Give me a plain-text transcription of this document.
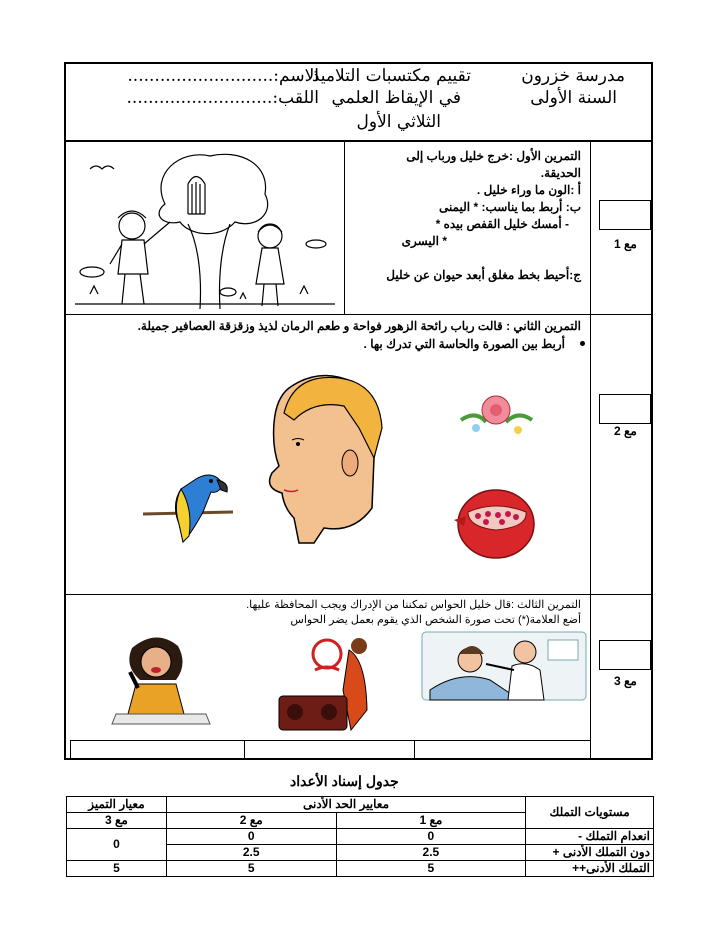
مدرسة خزرون
تقييم مكتسبات التلاميذ
الاسم:...........................
السنة الأولى
في الإيقاظ العلمي
اللقب:...........................
الثلاثي الأول
مع 1
مع 2
مع 3
التمرين الأول :خرج خليل ورباب إلى
الحديقة.
أ :الون ما وراء خليل .
ب: أربط بما يناسب: * اليمنى
- أمسك خليل القفص بيده *
* اليسرى
ج:أحيط بخط مغلق أبعد حيوان عن خليل
التمرين الثاني : قالت رباب رائحة الزهور فواحة و طعم الرمان لذيذ وزقزقة العصافير جميلة.
أربط بين الصورة والحاسة التي تدرك بها .
التمرين الثالث :قال خليل الحواس تمكننا من الإدراك ويجب المحافظة عليها.
أضع العلامة(*) تحت صورة الشخص الذي يقوم بعمل يضر الحواس
جدول إسناد الأعداد
مستويات التملك	معايير الحد الأدنى		معيار التميز
	مع 1	مع 2	مع 3
انعدام التملك -	0	0	0
دون التملك الأدنى +	2.5	2.5	
التملك الأدنى++	5	5	5
